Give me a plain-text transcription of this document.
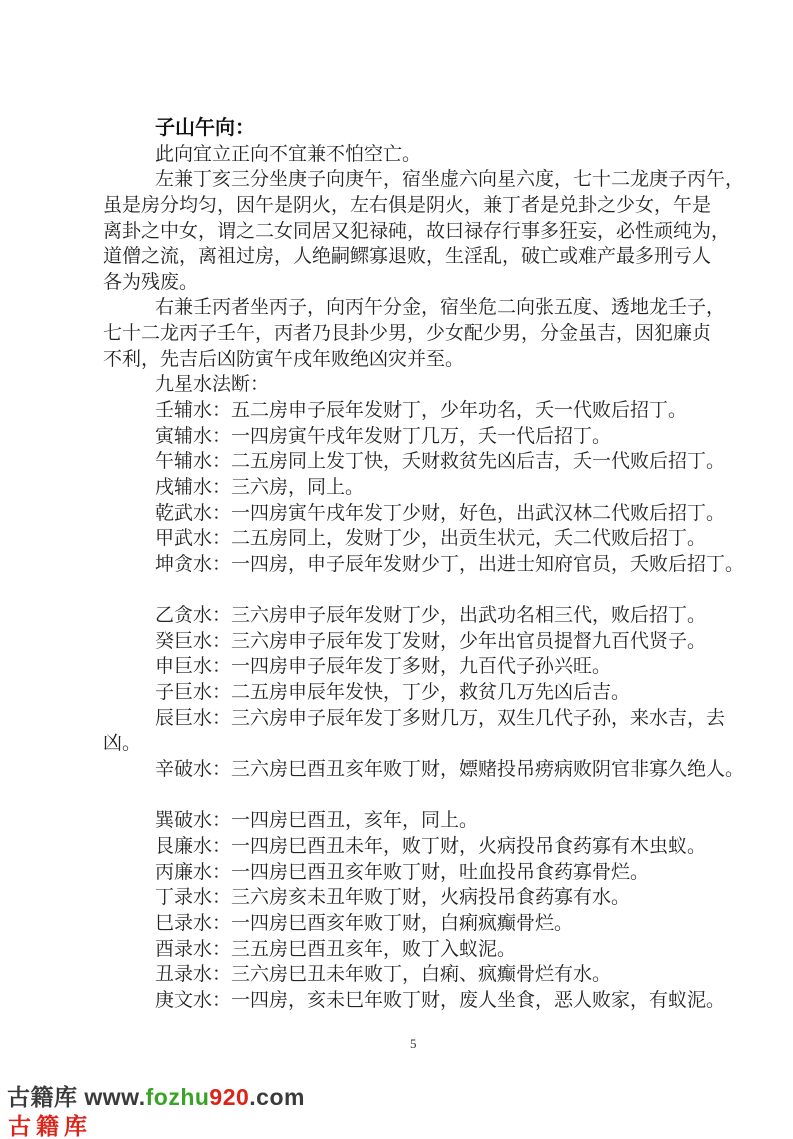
子山午向：
此向宜立正向不宜兼不怕空亡。
左兼丁亥三分坐庚子向庚午，宿坐虚六向星六度，七十二龙庚子丙午，
虽是房分均匀，因午是阴火，左右俱是阴火，兼丁者是兑卦之少女，午是
离卦之中女，谓之二女同居又犯禄砘，故曰禄存行事多狂妄，必性顽纯为，
道僧之流，离祖过房，人绝嗣鳏寡退败，生淫乱，破亡或难产最多刑亏人
各为残废。
右兼壬丙者坐丙子，向丙午分金，宿坐危二向张五度、透地龙壬子，
七十二龙丙子壬午，丙者乃艮卦少男，少女配少男，分金虽吉，因犯廉贞
不利，先吉后凶防寅午戌年败绝凶灾并至。
九星水法断：
壬辅水：五二房申子辰年发财丁，少年功名，夭一代败后招丁。
寅辅水：一四房寅午戌年发财丁几万，夭一代后招丁。
午辅水：二五房同上发丁快，夭财救贫先凶后吉，夭一代败后招丁。
戌辅水：三六房，同上。
乾武水：一四房寅午戌年发丁少财，好色，出武汉林二代败后招丁。
甲武水：二五房同上，发财丁少，出贡生状元，夭二代败后招丁。
坤贪水：一四房，申子辰年发财少丁，出进士知府官员，夭败后招丁。
乙贪水：三六房申子辰年发财丁少，出武功名相三代，败后招丁。
癸巨水：三六房申子辰年发丁发财，少年出官员提督九百代贤子。
申巨水：一四房申子辰年发丁多财，九百代子孙兴旺。
子巨水：二五房申辰年发快，丁少，救贫几万先凶后吉。
辰巨水：三六房申子辰年发丁多财几万，双生几代子孙，来水吉，去
凶。
辛破水：三六房巳酉丑亥年败丁财，嫖赌投吊痨病败阴官非寡久绝人。
巽破水：一四房巳酉丑，亥年，同上。
艮廉水：一四房巳酉丑未年，败丁财，火病投吊食药寡有木虫蚁。
丙廉水：一四房巳酉丑亥年败丁财，吐血投吊食药寡骨烂。
丁录水：三六房亥未丑年败丁财，火病投吊食药寡有水。
巳录水：一四房巳酉亥年败丁财，白痢疯癫骨烂。
酉录水：三五房巳酉丑亥年，败丁入蚁泥。
丑录水：三六房巳丑未年败丁，白痢、疯癫骨烂有水。
庚文水：一四房，亥未巳年败丁财，废人坐食，恶人败家，有蚁泥。
5
古籍库 www.fozhu920.com
古籍库
